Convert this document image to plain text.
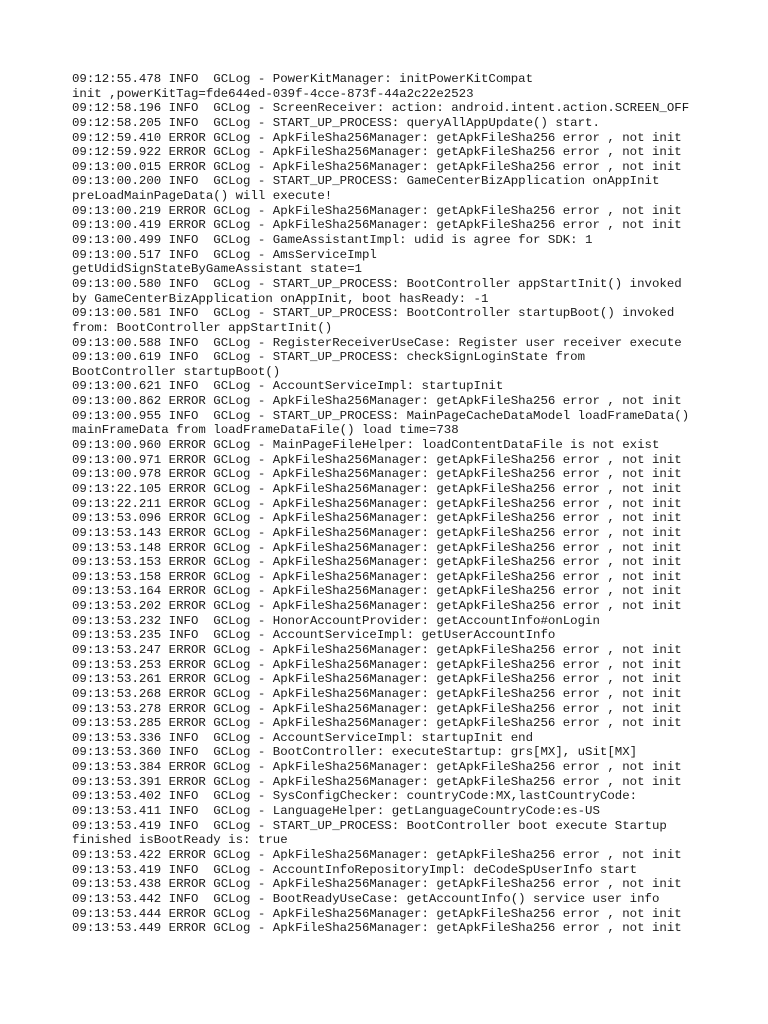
09:12:55.478 INFO  GCLog - PowerKitManager: initPowerKitCompat
init ,powerKitTag=fde644ed-039f-4cce-873f-44a2c22e2523
09:12:58.196 INFO  GCLog - ScreenReceiver: action: android.intent.action.SCREEN_OFF
09:12:58.205 INFO  GCLog - START_UP_PROCESS: queryAllAppUpdate() start.
09:12:59.410 ERROR GCLog - ApkFileSha256Manager: getApkFileSha256 error , not init
09:12:59.922 ERROR GCLog - ApkFileSha256Manager: getApkFileSha256 error , not init
09:13:00.015 ERROR GCLog - ApkFileSha256Manager: getApkFileSha256 error , not init
09:13:00.200 INFO  GCLog - START_UP_PROCESS: GameCenterBizApplication onAppInit
preLoadMainPageData() will execute!
09:13:00.219 ERROR GCLog - ApkFileSha256Manager: getApkFileSha256 error , not init
09:13:00.419 ERROR GCLog - ApkFileSha256Manager: getApkFileSha256 error , not init
09:13:00.499 INFO  GCLog - GameAssistantImpl: udid is agree for SDK: 1
09:13:00.517 INFO  GCLog - AmsServiceImpl
getUdidSignStateByGameAssistant state=1
09:13:00.580 INFO  GCLog - START_UP_PROCESS: BootController appStartInit() invoked
by GameCenterBizApplication onAppInit, boot hasReady: -1
09:13:00.581 INFO  GCLog - START_UP_PROCESS: BootController startupBoot() invoked
from: BootController appStartInit()
09:13:00.588 INFO  GCLog - RegisterReceiverUseCase: Register user receiver execute
09:13:00.619 INFO  GCLog - START_UP_PROCESS: checkSignLoginState from
BootController startupBoot()
09:13:00.621 INFO  GCLog - AccountServiceImpl: startupInit
09:13:00.862 ERROR GCLog - ApkFileSha256Manager: getApkFileSha256 error , not init
09:13:00.955 INFO  GCLog - START_UP_PROCESS: MainPageCacheDataModel loadFrameData()
mainFrameData from loadFrameDataFile() load time=738
09:13:00.960 ERROR GCLog - MainPageFileHelper: loadContentDataFile is not exist
09:13:00.971 ERROR GCLog - ApkFileSha256Manager: getApkFileSha256 error , not init
09:13:00.978 ERROR GCLog - ApkFileSha256Manager: getApkFileSha256 error , not init
09:13:22.105 ERROR GCLog - ApkFileSha256Manager: getApkFileSha256 error , not init
09:13:22.211 ERROR GCLog - ApkFileSha256Manager: getApkFileSha256 error , not init
09:13:53.096 ERROR GCLog - ApkFileSha256Manager: getApkFileSha256 error , not init
09:13:53.143 ERROR GCLog - ApkFileSha256Manager: getApkFileSha256 error , not init
09:13:53.148 ERROR GCLog - ApkFileSha256Manager: getApkFileSha256 error , not init
09:13:53.153 ERROR GCLog - ApkFileSha256Manager: getApkFileSha256 error , not init
09:13:53.158 ERROR GCLog - ApkFileSha256Manager: getApkFileSha256 error , not init
09:13:53.164 ERROR GCLog - ApkFileSha256Manager: getApkFileSha256 error , not init
09:13:53.202 ERROR GCLog - ApkFileSha256Manager: getApkFileSha256 error , not init
09:13:53.232 INFO  GCLog - HonorAccountProvider: getAccountInfo#onLogin
09:13:53.235 INFO  GCLog - AccountServiceImpl: getUserAccountInfo
09:13:53.247 ERROR GCLog - ApkFileSha256Manager: getApkFileSha256 error , not init
09:13:53.253 ERROR GCLog - ApkFileSha256Manager: getApkFileSha256 error , not init
09:13:53.261 ERROR GCLog - ApkFileSha256Manager: getApkFileSha256 error , not init
09:13:53.268 ERROR GCLog - ApkFileSha256Manager: getApkFileSha256 error , not init
09:13:53.278 ERROR GCLog - ApkFileSha256Manager: getApkFileSha256 error , not init
09:13:53.285 ERROR GCLog - ApkFileSha256Manager: getApkFileSha256 error , not init
09:13:53.336 INFO  GCLog - AccountServiceImpl: startupInit end
09:13:53.360 INFO  GCLog - BootController: executeStartup: grs[MX], uSit[MX]
09:13:53.384 ERROR GCLog - ApkFileSha256Manager: getApkFileSha256 error , not init
09:13:53.391 ERROR GCLog - ApkFileSha256Manager: getApkFileSha256 error , not init
09:13:53.402 INFO  GCLog - SysConfigChecker: countryCode:MX,lastCountryCode:
09:13:53.411 INFO  GCLog - LanguageHelper: getLanguageCountryCode:es-US
09:13:53.419 INFO  GCLog - START_UP_PROCESS: BootController boot execute Startup
finished isBootReady is: true
09:13:53.422 ERROR GCLog - ApkFileSha256Manager: getApkFileSha256 error , not init
09:13:53.419 INFO  GCLog - AccountInfoRepositoryImpl: deCodeSpUserInfo start
09:13:53.438 ERROR GCLog - ApkFileSha256Manager: getApkFileSha256 error , not init
09:13:53.442 INFO  GCLog - BootReadyUseCase: getAccountInfo() service user info
09:13:53.444 ERROR GCLog - ApkFileSha256Manager: getApkFileSha256 error , not init
09:13:53.449 ERROR GCLog - ApkFileSha256Manager: getApkFileSha256 error , not init
